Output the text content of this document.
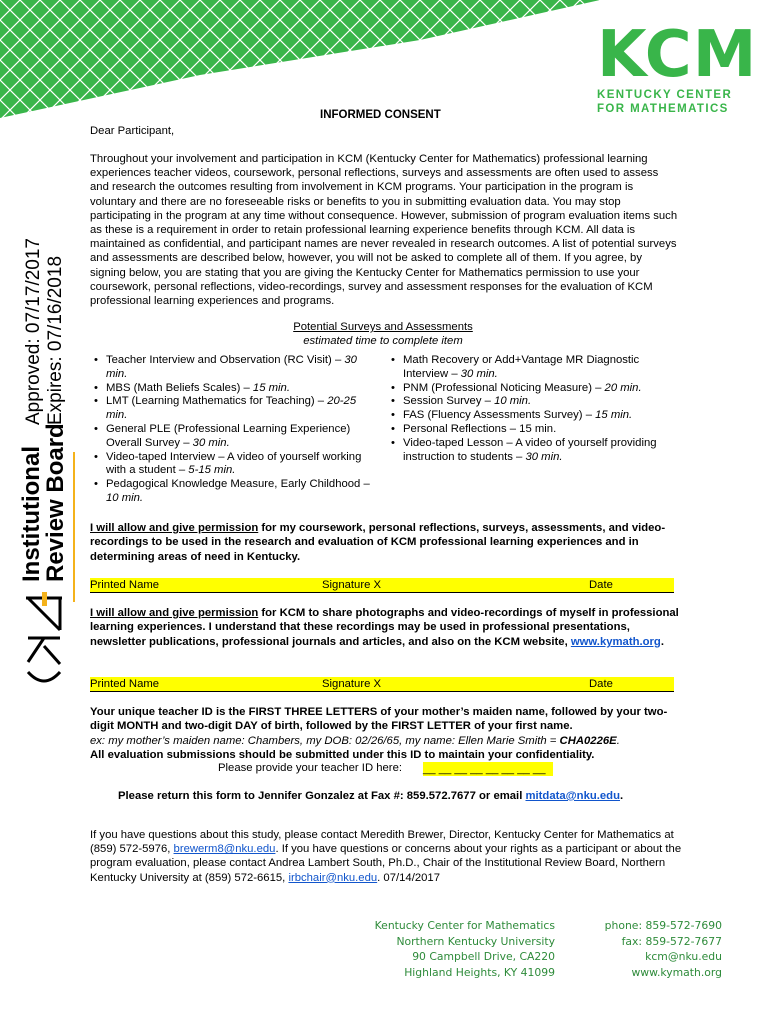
KCM
KENTUCKY CENTER
FOR MATHEMATICS
Approved: 07/17/2017 Expires: 07/16/2018
Institutional
Review Board
INFORMED CONSENT
Dear Participant,
Throughout your involvement and participation in KCM (Kentucky Center for Mathematics) professional learning experiences teacher videos, coursework, personal reflections, surveys and assessments are often used to assess and research the outcomes resulting from involvement in KCM programs. Your participation in the program is voluntary and there are no foreseeable risks or benefits to you in submitting evaluation data. You may stop participating in the program at any time without consequence. However, submission of program evaluation items such as these is a requirement in order to retain professional learning experience benefits through KCM. All data is maintained as confidential, and participant names are never revealed in research outcomes. A list of potential surveys and assessments are described below, however, you will not be asked to complete all of them. If you agree, by signing below, you are stating that you are giving the Kentucky Center for Mathematics permission to use your coursework, personal reflections, video-recordings, survey and assessment responses for the evaluation of KCM professional learning experiences and programs.
Potential Surveys and Assessments
estimated time to complete item
• Teacher Interview and Observation (RC Visit) – 30 min.
• MBS (Math Beliefs Scales) – 15 min.
• LMT (Learning Mathematics for Teaching) – 20-25 min.
• General PLE (Professional Learning Experience) Overall Survey – 30 min.
• Video-taped Interview – A video of yourself working with a student – 5-15 min.
• Pedagogical Knowledge Measure, Early Childhood – 10 min.
• Math Recovery or Add+Vantage MR Diagnostic Interview – 30 min.
• PNM (Professional Noticing Measure) – 20 min.
• Session Survey – 10 min.
• FAS (Fluency Assessments Survey) – 15 min.
• Personal Reflections – 15 min.
• Video-taped Lesson – A video of yourself providing instruction to students – 30 min.
I will allow and give permission for my coursework, personal reflections, surveys, assessments, and video-recordings to be used in the research and evaluation of KCM professional learning experiences and in determining areas of need in Kentucky.
Printed Name	Signature X	Date
I will allow and give permission for KCM to share photographs and video-recordings of myself in professional learning experiences. I understand that these recordings may be used in professional presentations, newsletter publications, professional journals and articles, and also on the KCM website, www.kymath.org.
Printed Name	Signature X	Date
Your unique teacher ID is the FIRST THREE LETTERS of your mother’s maiden name, followed by your two-digit MONTH and two-digit DAY of birth, followed by the FIRST LETTER of your first name.
ex: my mother’s maiden name: Chambers, my DOB: 02/26/65, my name: Ellen Marie Smith = CHA0226E.
All evaluation submissions should be submitted under this ID to maintain your confidentiality.
Please provide your teacher ID here: __ __ __ __ __ __ __ __
Please return this form to Jennifer Gonzalez at Fax #: 859.572.7677 or email mitdata@nku.edu.
If you have questions about this study, please contact Meredith Brewer, Director, Kentucky Center for Mathematics at (859) 572-5976, brewerm8@nku.edu. If you have questions or concerns about your rights as a participant or about the program evaluation, please contact Andrea Lambert South, Ph.D., Chair of the Institutional Review Board, Northern Kentucky University at (859) 572-6615, irbchair@nku.edu. 07/14/2017
Kentucky Center for Mathematics
Northern Kentucky University
90 Campbell Drive, CA220
Highland Heights, KY 41099
phone: 859-572-7690
fax: 859-572-7677
kcm@nku.edu
www.kymath.org
